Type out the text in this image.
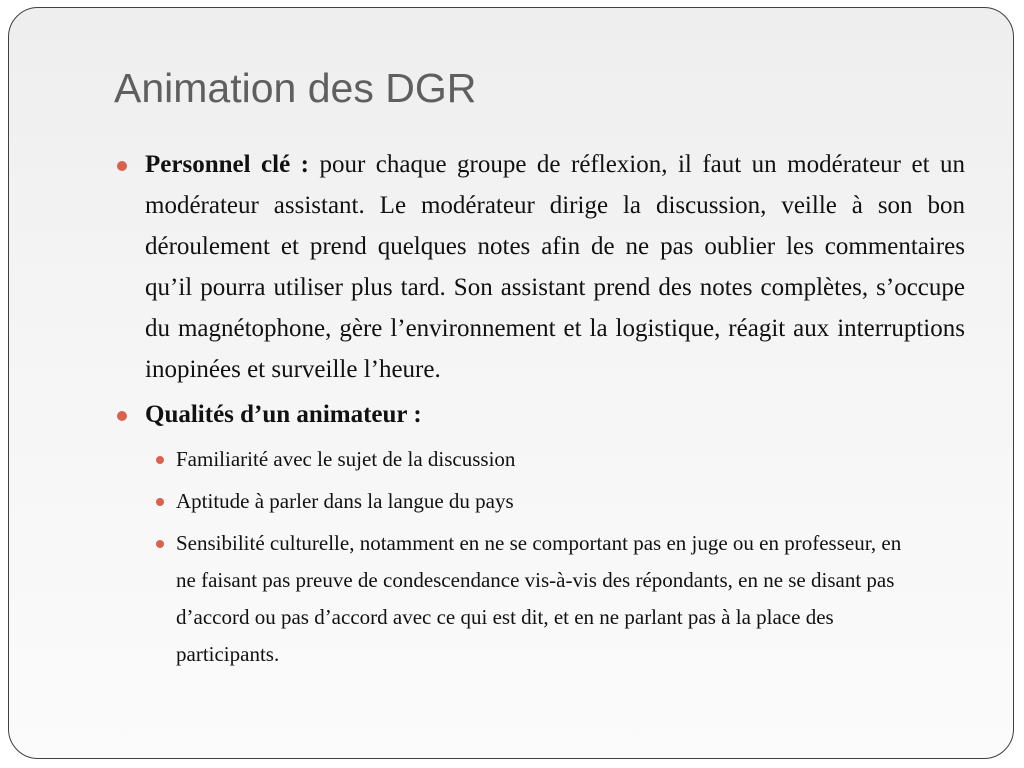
Animation des DGR

Personnel clé : pour chaque groupe de réflexion, il faut un modérateur et un modérateur assistant. Le modérateur dirige la discussion, veille à son bon déroulement et prend quelques notes afin de ne pas oublier les commentaires qu’il pourra utiliser plus tard. Son assistant prend des notes complètes, s’occupe du magnétophone, gère l’environnement et la logistique, réagit aux interruptions inopinées et surveille l’heure.

Qualités d’un animateur :

Familiarité avec le sujet de la discussion

Aptitude à parler dans la langue du pays

Sensibilité culturelle, notamment en ne se comportant pas en juge ou en professeur, en ne faisant pas preuve de condescendance vis-à-vis des répondants, en ne se disant pas d’accord ou pas d’accord avec ce qui est dit, et en ne parlant pas à la place des participants.
